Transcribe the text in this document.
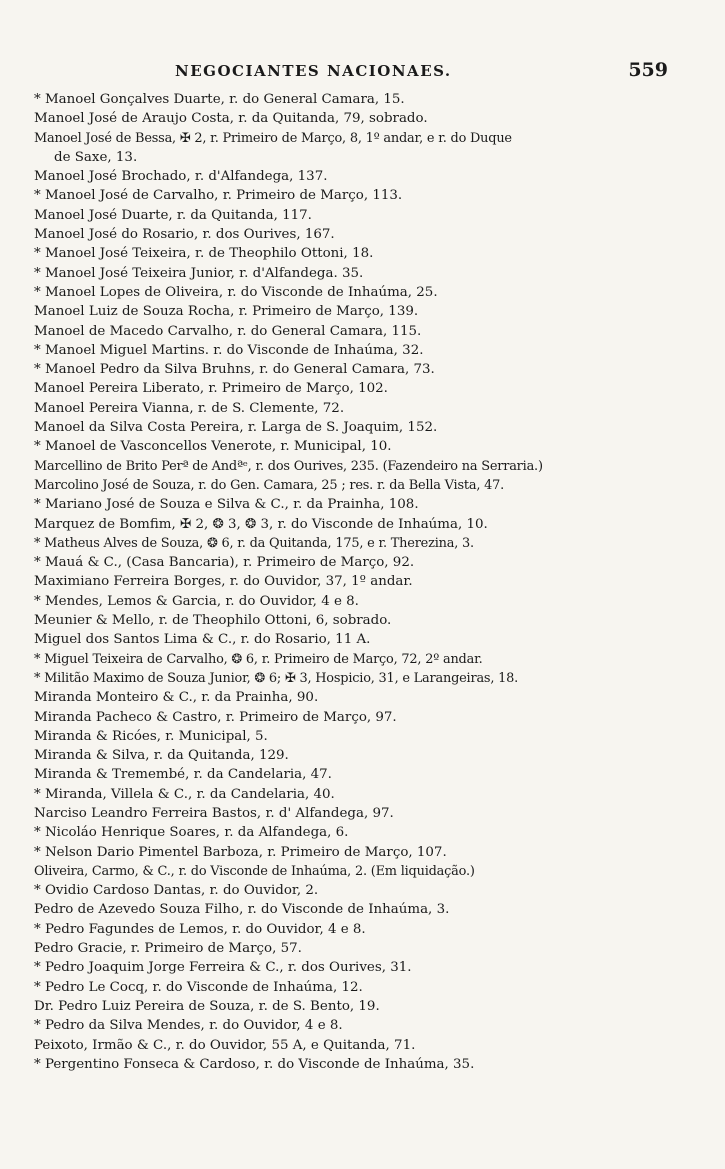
NEGOCIANTES NACIONAES.	559
* Manoel Gonçalves Duarte, r. do General Camara, 15.
Manoel José de Araujo Costa, r. da Quitanda, 79, sobrado.
Manoel José de Bessa, ✠ 2, r. Primeiro de Março, 8, 1º andar, e r. do Duque
de Saxe, 13.
Manoel José Brochado, r. d'Alfandega, 137.
* Manoel José de Carvalho, r. Primeiro de Março, 113.
Manoel José Duarte, r. da Quitanda, 117.
Manoel José do Rosario, r. dos Ourives, 167.
* Manoel José Teixeira, r. de Theophilo Ottoni, 18.
* Manoel José Teixeira Junior, r. d'Alfandega. 35.
* Manoel Lopes de Oliveira, r. do Visconde de Inhaúma, 25.
Manoel Luiz de Souza Rocha, r. Primeiro de Março, 139.
Manoel de Macedo Carvalho, r. do General Camara, 115.
* Manoel Miguel Martins. r. do Visconde de Inhaúma, 32.
* Manoel Pedro da Silva Bruhns, r. do General Camara, 73.
Manoel Pereira Liberato, r. Primeiro de Março, 102.
Manoel Pereira Vianna, r. de S. Clemente, 72.
Manoel da Silva Costa Pereira, r. Larga de S. Joaquim, 152.
* Manoel de Vasconcellos Venerote, r. Municipal, 10.
Marcellino de Brito Perª de Andªᵉ, r. dos Ourives, 235. (Fazendeiro na Serraria.)
Marcolino José de Souza, r. do Gen. Camara, 25 ; res. r. da Bella Vista, 47.
* Mariano José de Souza e Silva & C., r. da Prainha, 108.
Marquez de Bomfim, ✠ 2, ❂ 3, ❂ 3, r. do Visconde de Inhaúma, 10.
* Matheus Alves de Souza, ❂ 6, r. da Quitanda, 175, e r. Therezina, 3.
* Mauá & C., (Casa Bancaria), r. Primeiro de Março, 92.
Maximiano Ferreira Borges, r. do Ouvidor, 37, 1º andar.
* Mendes, Lemos & Garcia, r. do Ouvidor, 4 e 8.
Meunier & Mello, r. de Theophilo Ottoni, 6, sobrado.
Miguel dos Santos Lima & C., r. do Rosario, 11 A.
* Miguel Teixeira de Carvalho, ❂ 6, r. Primeiro de Março, 72, 2º andar.
* Militão Maximo de Souza Junior, ❂ 6; ✠ 3, Hospicio, 31, e Larangeiras, 18.
Miranda Monteiro & C., r. da Prainha, 90.
Miranda Pacheco & Castro, r. Primeiro de Março, 97.
Miranda & Ricóes, r. Municipal, 5.
Miranda & Silva, r. da Quitanda, 129.
Miranda & Tremembé, r. da Candelaria, 47.
* Miranda, Villela & C., r. da Candelaria, 40.
Narciso Leandro Ferreira Bastos, r. d' Alfandega, 97.
* Nicoláo Henrique Soares, r. da Alfandega, 6.
* Nelson Dario Pimentel Barboza, r. Primeiro de Março, 107.
Oliveira, Carmo, & C., r. do Visconde de Inhaúma, 2. (Em liquidação.)
* Ovidio Cardoso Dantas, r. do Ouvidor, 2.
Pedro de Azevedo Souza Filho, r. do Visconde de Inhaúma, 3.
* Pedro Fagundes de Lemos, r. do Ouvidor, 4 e 8.
Pedro Gracie, r. Primeiro de Março, 57.
* Pedro Joaquim Jorge Ferreira & C., r. dos Ourives, 31.
* Pedro Le Cocq, r. do Visconde de Inhaúma, 12.
Dr. Pedro Luiz Pereira de Souza, r. de S. Bento, 19.
* Pedro da Silva Mendes, r. do Ouvidor, 4 e 8.
Peixoto, Irmão & C., r. do Ouvidor, 55 A, e Quitanda, 71.
* Pergentino Fonseca & Cardoso, r. do Visconde de Inhaúma, 35.
